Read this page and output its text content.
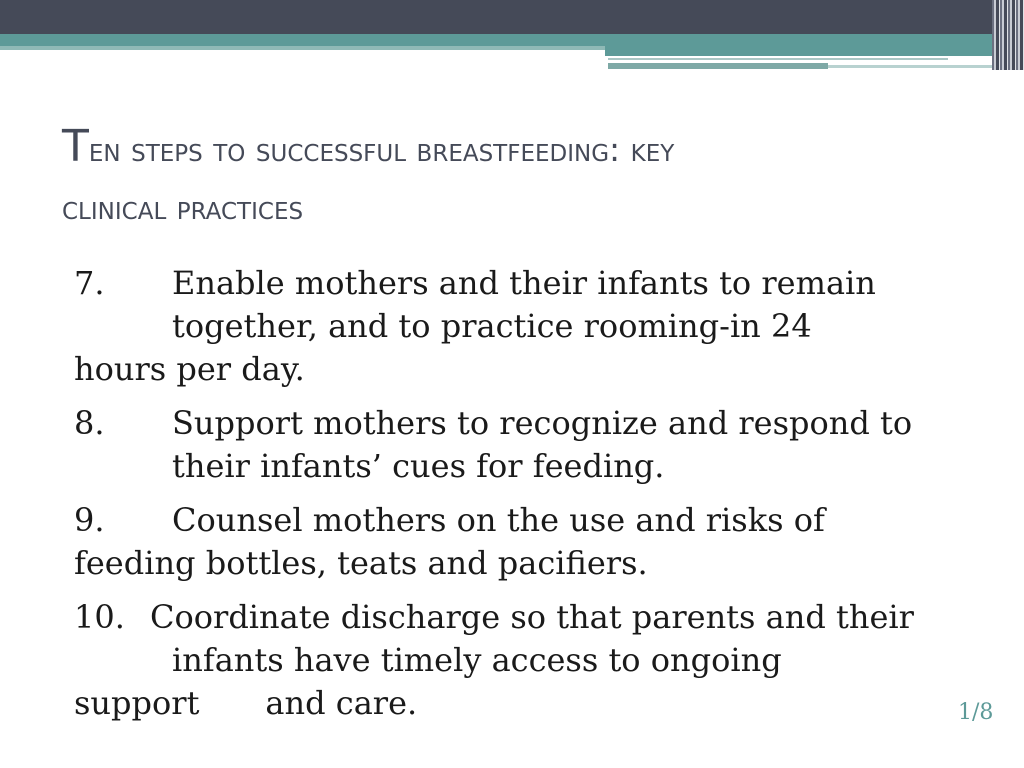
Ten steps to successful breastfeeding: key
clinical practices
7. Enable mothers and their infants to remain
together, and to practice rooming-in 24
hours per day.
8. Support mothers to recognize and respond to
their infants’ cues for feeding.
9. Counsel mothers on the use and risks of
feeding bottles, teats and pacifiers.
10. Coordinate discharge so that parents and their
infants have timely access to ongoing
support and care.	1/8
